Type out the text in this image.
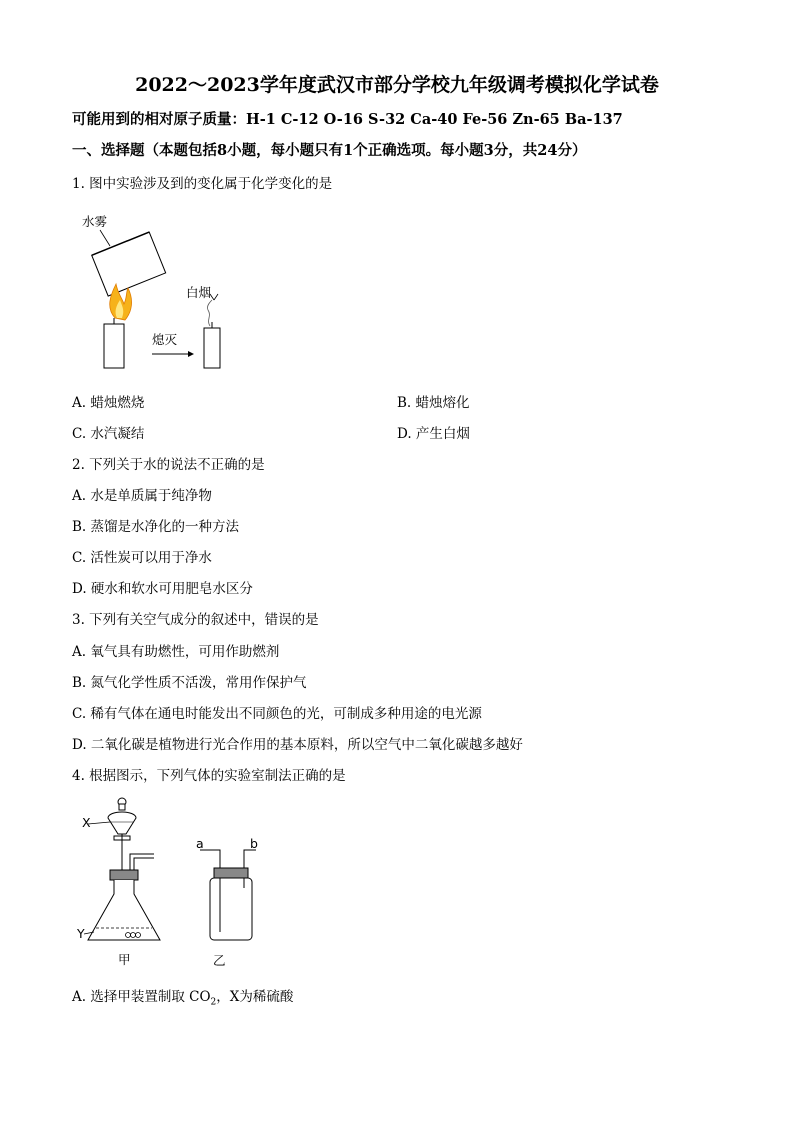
2022～2023学年度武汉市部分学校九年级调考模拟化学试卷
可能用到的相对原子质量：H-1 C-12 O-16 S-32 Ca-40 Fe-56 Zn-65 Ba-137
一、选择题（本题包括8小题，每小题只有1个正确选项。每小题3分，共24分）
1. 图中实验涉及到的变化属于化学变化的是
水雾
白烟
熄灭
A. 蜡烛燃烧	B. 蜡烛熔化
C. 水汽凝结	D. 产生白烟
2. 下列关于水的说法不正确的是
A. 水是单质属于纯净物
B. 蒸馏是水净化的一种方法
C. 活性炭可以用于净水
D. 硬水和软水可用肥皂水区分
3. 下列有关空气成分的叙述中，错误的是
A. 氧气具有助燃性，可用作助燃剂
B. 氮气化学性质不活泼，常用作保护气
C. 稀有气体在通电时能发出不同颜色的光，可制成多种用途的电光源
D. 二氧化碳是植物进行光合作用的基本原料，所以空气中二氧化碳越多越好
4. 根据图示，下列气体的实验室制法正确的是
X
Y
a	b
甲	乙
A. 选择甲装置制取 $CO_2$，X为稀硫酸
